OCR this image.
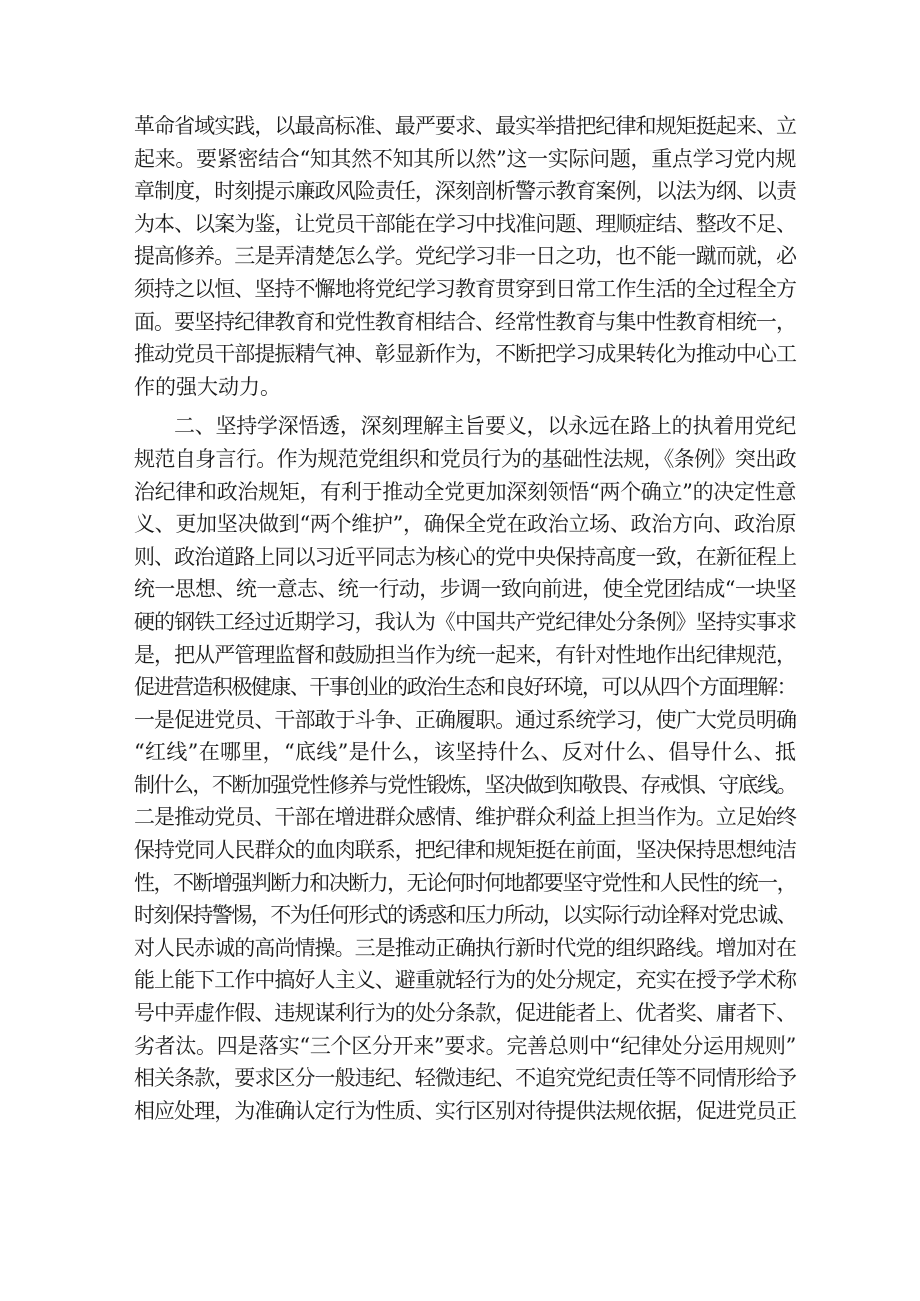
革命省域实践，以最高标准、最严要求、最实举措把纪律和规矩挺起来、立
起来。要紧密结合“知其然不知其所以然”这一实际问题，重点学习党内规
章制度，时刻提示廉政风险责任，深刻剖析警示教育案例，以法为纲、以责
为本、以案为鉴，让党员干部能在学习中找准问题、理顺症结、整改不足、
提高修养。三是弄清楚怎么学。党纪学习非一日之功，也不能一蹴而就，必
须持之以恒、坚持不懈地将党纪学习教育贯穿到日常工作生活的全过程全方
面。要坚持纪律教育和党性教育相结合、经常性教育与集中性教育相统一，
推动党员干部提振精气神、彰显新作为，不断把学习成果转化为推动中心工
作的强大动力。
二、坚持学深悟透，深刻理解主旨要义，以永远在路上的执着用党纪
规范自身言行。作为规范党组织和党员行为的基础性法规，《条例》突出政
治纪律和政治规矩，有利于推动全党更加深刻领悟“两个确立”的决定性意
义、更加坚决做到“两个维护”，确保全党在政治立场、政治方向、政治原
则、政治道路上同以习近平同志为核心的党中央保持高度一致，在新征程上
统一思想、统一意志、统一行动，步调一致向前进，使全党团结成“一块坚
硬的钢铁工经过近期学习，我认为《中国共产党纪律处分条例》坚持实事求
是，把从严管理监督和鼓励担当作为统一起来，有针对性地作出纪律规范，
促进营造积极健康、干事创业的政治生态和良好环境，可以从四个方面理解：
一是促进党员、干部敢于斗争、正确履职。通过系统学习，使广大党员明确
“红线”在哪里，“底线”是什么，该坚持什么、反对什么、倡导什么、抵
制什么，不断加强党性修养与党性锻炼，坚决做到知敬畏、存戒惧、守底线。
二是推动党员、干部在增进群众感情、维护群众利益上担当作为。立足始终
保持党同人民群众的血肉联系，把纪律和规矩挺在前面，坚决保持思想纯洁
性，不断增强判断力和决断力，无论何时何地都要坚守党性和人民性的统一，
时刻保持警惕，不为任何形式的诱惑和压力所动，以实际行动诠释对党忠诚、
对人民赤诚的高尚情操。三是推动正确执行新时代党的组织路线。增加对在
能上能下工作中搞好人主义、避重就轻行为的处分规定，充实在授予学术称
号中弄虚作假、违规谋利行为的处分条款，促进能者上、优者奖、庸者下、
劣者汰。四是落实“三个区分开来”要求。完善总则中“纪律处分运用规则”
相关条款，要求区分一般违纪、轻微违纪、不追究党纪责任等不同情形给予
相应处理，为准确认定行为性质、实行区别对待提供法规依据，促进党员正
